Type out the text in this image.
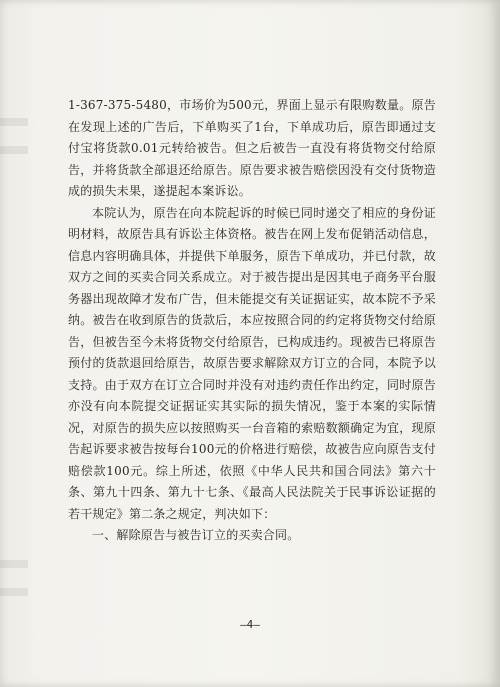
1-367-375-5480，市场价为500元，界面上显示有限购数量。原告在发现上述的广告后，下单购买了1台，下单成功后，原告即通过支付宝将货款0.01元转给被告。但之后被告一直没有将货物交付给原告，并将货款全部退还给原告。原告要求被告赔偿因没有交付货物造成的损失未果，遂提起本案诉讼。

本院认为，原告在向本院起诉的时候已同时递交了相应的身份证明材料，故原告具有诉讼主体资格。被告在网上发布促销活动信息，信息内容明确具体，并提供下单服务，原告下单成功，并已付款，故双方之间的买卖合同关系成立。对于被告提出是因其电子商务平台服务器出现故障才发布广告，但未能提交有关证据证实，故本院不予采纳。被告在收到原告的货款后，本应按照合同的约定将货物交付给原告，但被告至今未将货物交付给原告，已构成违约。现被告已将原告预付的货款退回给原告，故原告要求解除双方订立的合同，本院予以支持。由于双方在订立合同时并没有对违约责任作出约定，同时原告亦没有向本院提交证据证实其实际的损失情况，鉴于本案的实际情况，对原告的损失应以按照购买一台音箱的索赔数额确定为宜，现原告起诉要求被告按每台100元的价格进行赔偿，故被告应向原告支付赔偿款100元。综上所述，依照《中华人民共和国合同法》第六十条、第九十四条、第九十七条、《最高人民法院关于民事诉讼证据的若干规定》第二条之规定，判决如下：

一、解除原告与被告订立的买卖合同。

—4—
